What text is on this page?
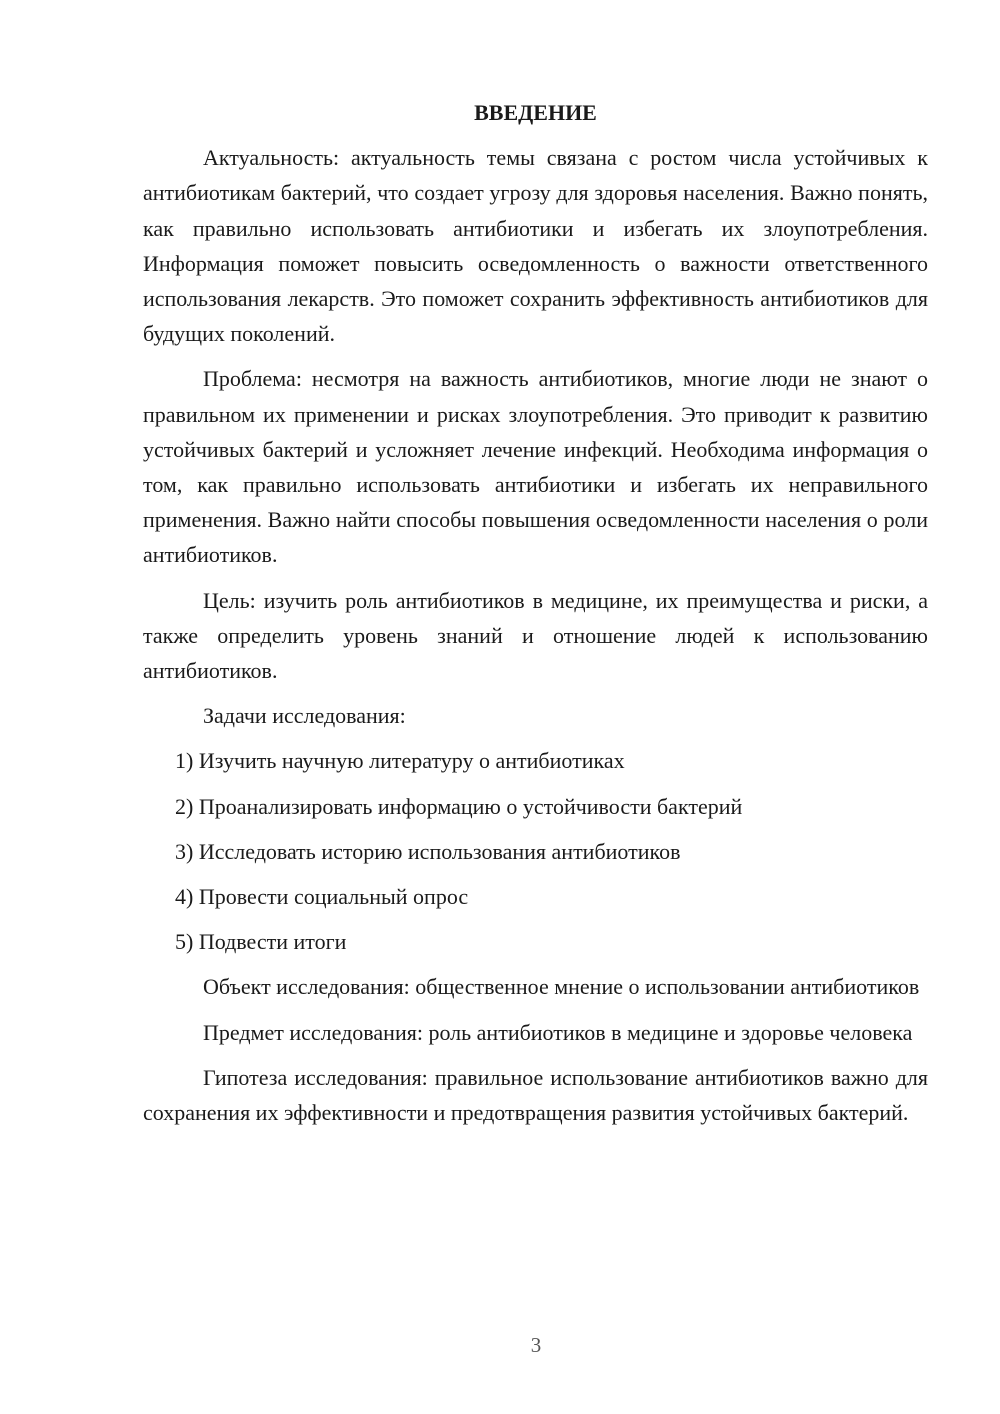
ВВЕДЕНИЕ

Актуальность: актуальность темы связана с ростом числа устойчивых к антибиотикам бактерий, что создает угрозу для здоровья населения. Важно понять, как правильно использовать антибиотики и избегать их злоупотребления. Информация поможет повысить осведомленность о важности ответственного использования лекарств. Это поможет сохранить эффективность антибиотиков для будущих поколений.

Проблема: несмотря на важность антибиотиков, многие люди не знают о правильном их применении и рисках злоупотребления. Это приводит к развитию устойчивых бактерий и усложняет лечение инфекций. Необходима информация о том, как правильно использовать антибиотики и избегать их неправильного применения. Важно найти способы повышения осведомленности населения о роли антибиотиков.

Цель: изучить роль антибиотиков в медицине, их преимущества и риски, а также определить уровень знаний и отношение людей к использованию антибиотиков.

Задачи исследования:

1) Изучить научную литературу о антибиотиках

2) Проанализировать информацию о устойчивости бактерий

3) Исследовать историю использования антибиотиков

4) Провести социальный опрос

5) Подвести итоги

Объект исследования: общественное мнение о использовании антибиотиков

Предмет исследования: роль антибиотиков в медицине и здоровье человека

Гипотеза исследования: правильное использование антибиотиков важно для сохранения их эффективности и предотвращения развития устойчивых бактерий.

3
